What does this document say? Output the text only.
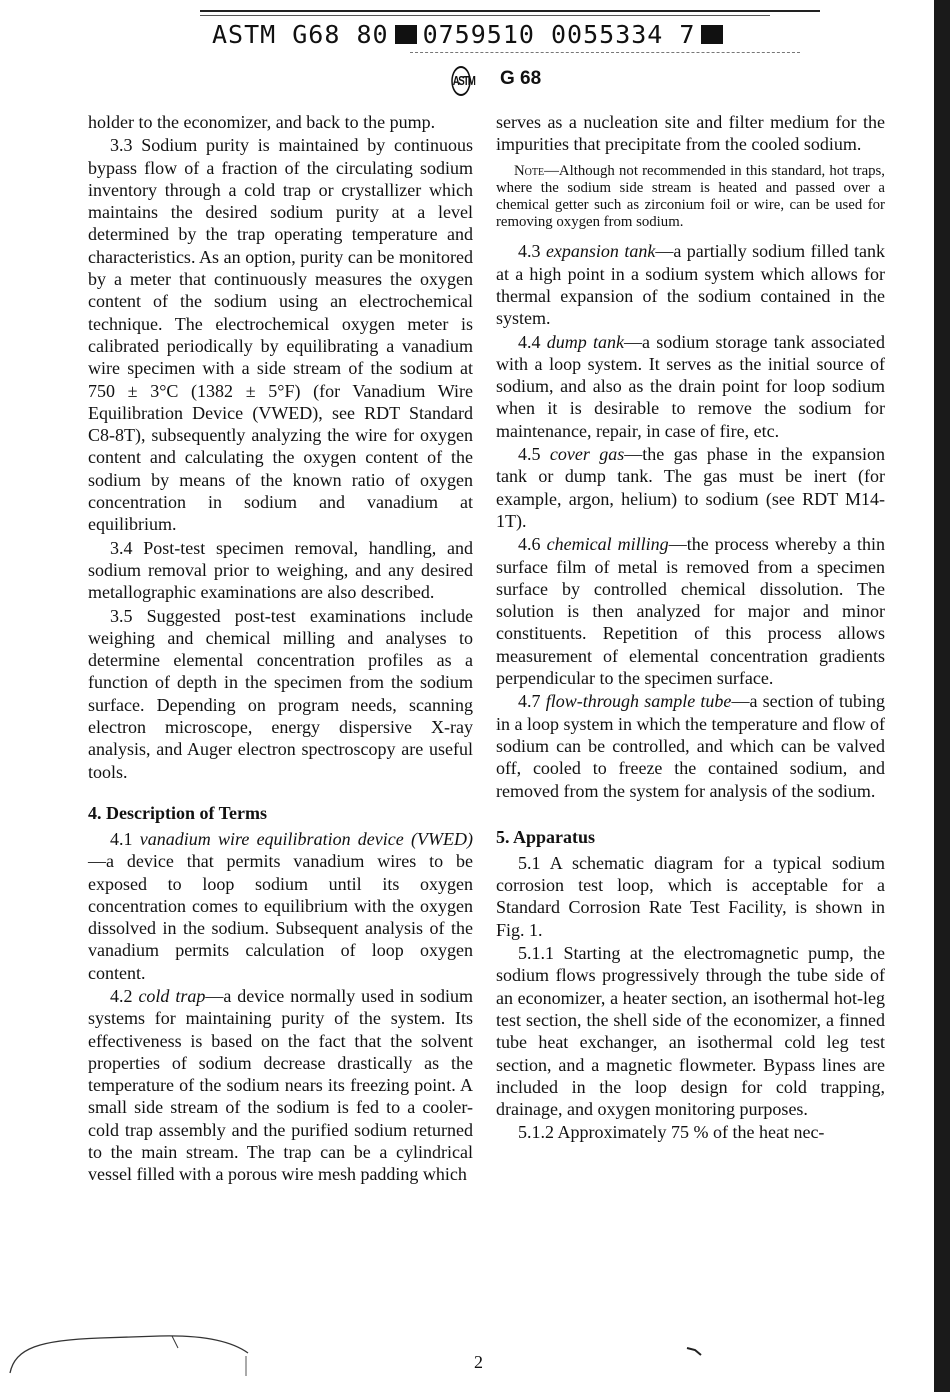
ASTM G68 80 0759510 0055334 7
ASTM G 68

holder to the economizer, and back to the pump.

3.3 Sodium purity is maintained by continuous bypass flow of a fraction of the circulating sodium inventory through a cold trap or crystallizer which maintains the desired sodium purity at a level determined by the trap operating temperature and characteristics. As an option, purity can be monitored by a meter that continuously measures the oxygen content of the sodium using an electrochemical technique. The electrochemical oxygen meter is calibrated periodically by equilibrating a vanadium wire specimen with a side stream of the sodium at 750 ± 3°C (1382 ± 5°F) (for Vanadium Wire Equilibration Device (VWED), see RDT Standard C8-8T), subsequently analyzing the wire for oxygen content and calculating the oxygen content of the sodium by means of the known ratio of oxygen concentration in sodium and vanadium at equilibrium.

3.4 Post-test specimen removal, handling, and sodium removal prior to weighing, and any desired metallographic examinations are also described.

3.5 Suggested post-test examinations include weighing and chemical milling and analyses to determine elemental concentration profiles as a function of depth in the specimen from the sodium surface. Depending on program needs, scanning electron microscope, energy dispersive X-ray analysis, and Auger electron spectroscopy are useful tools.

4. Description of Terms

4.1 vanadium wire equilibration device (VWED)—a device that permits vanadium wires to be exposed to loop sodium until its oxygen concentration comes to equilibrium with the oxygen dissolved in the sodium. Subsequent analysis of the vanadium permits calculation of loop oxygen content.

4.2 cold trap—a device normally used in sodium systems for maintaining purity of the system. Its effectiveness is based on the fact that the solvent properties of sodium decrease drastically as the temperature of the sodium nears its freezing point. A small side stream of the sodium is fed to a cooler-cold trap assembly and the purified sodium returned to the main stream. The trap can be a cylindrical vessel filled with a porous wire mesh padding which

serves as a nucleation site and filter medium for the impurities that precipitate from the cooled sodium.

Note—Although not recommended in this standard, hot traps, where the sodium side stream is heated and passed over a chemical getter such as zirconium foil or wire, can be used for removing oxygen from sodium.

4.3 expansion tank—a partially sodium filled tank at a high point in a sodium system which allows for thermal expansion of the sodium contained in the system.

4.4 dump tank—a sodium storage tank associated with a loop system. It serves as the initial source of sodium, and also as the drain point for loop sodium when it is desirable to remove the sodium for maintenance, repair, in case of fire, etc.

4.5 cover gas—the gas phase in the expansion tank or dump tank. The gas must be inert (for example, argon, helium) to sodium (see RDT M14-1T).

4.6 chemical milling—the process whereby a thin surface film of metal is removed from a specimen surface by controlled chemical dissolution. The solution is then analyzed for major and minor constituents. Repetition of this process allows measurement of elemental concentration gradients perpendicular to the specimen surface.

4.7 flow-through sample tube—a section of tubing in a loop system in which the temperature and flow of sodium can be controlled, and which can be valved off, cooled to freeze the contained sodium, and removed from the system for analysis of the sodium.

5. Apparatus

5.1 A schematic diagram for a typical sodium corrosion test loop, which is acceptable for a Standard Corrosion Rate Test Facility, is shown in Fig. 1.

5.1.1 Starting at the electromagnetic pump, the sodium flows progressively through the tube side of an economizer, a heater section, an isothermal hot-leg test section, the shell side of the economizer, a finned tube heat exchanger, an isothermal cold leg test section, and a magnetic flowmeter. Bypass lines are included in the loop design for cold trapping, drainage, and oxygen monitoring purposes.

5.1.2 Approximately 75 % of the heat nec-

2
